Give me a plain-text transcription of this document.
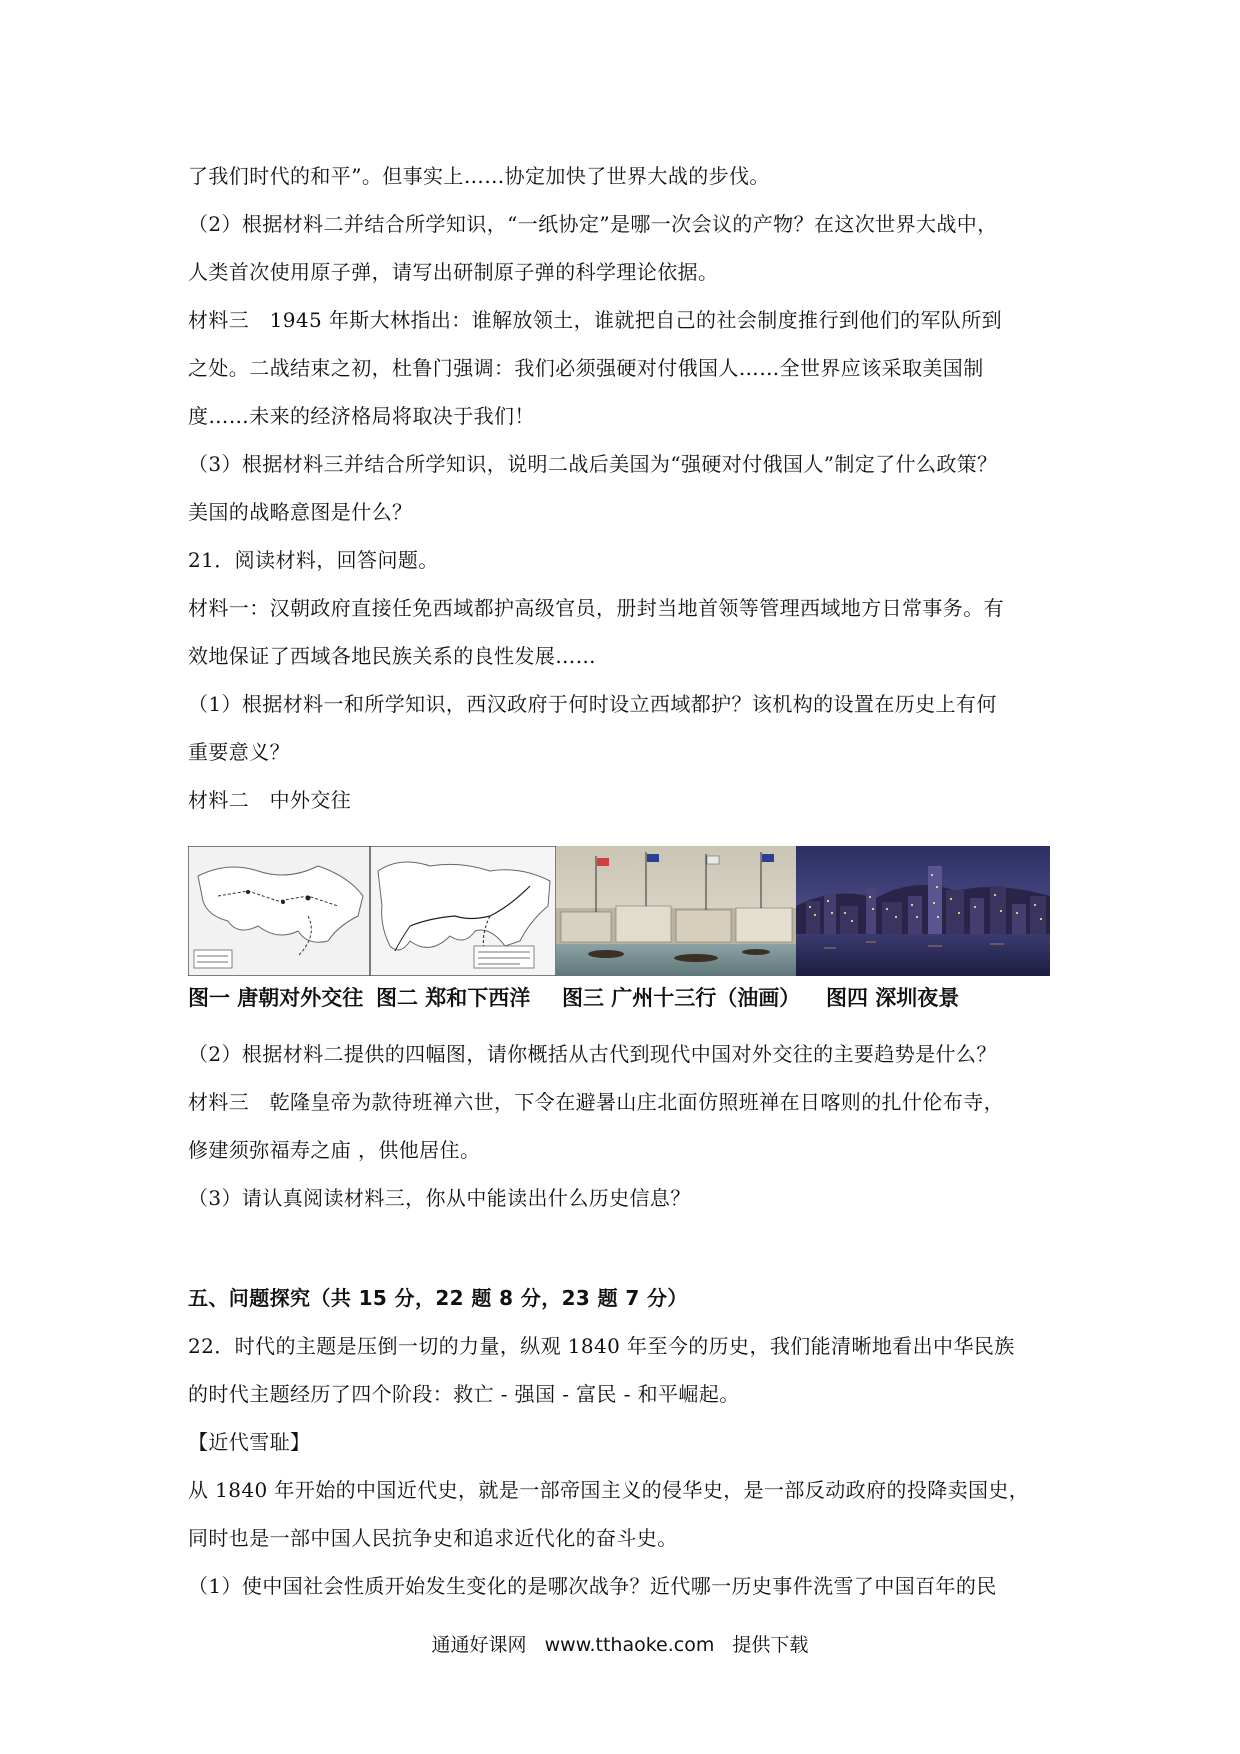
了我们时代的和平”。但事实上……协定加快了世界大战的步伐。
（2）根据材料二并结合所学知识，“一纸协定”是哪一次会议的产物？在这次世界大战中，
人类首次使用原子弹，请写出研制原子弹的科学理论依据。
材料三　1945 年斯大林指出：谁解放领土，谁就把自己的社会制度推行到他们的军队所到
之处。二战结束之初，杜鲁门强调：我们必须强硬对付俄国人……全世界应该采取美国制
度……未来的经济格局将取决于我们！
（3）根据材料三并结合所学知识，说明二战后美国为“强硬对付俄国人”制定了什么政策？
美国的战略意图是什么？
21．阅读材料，回答问题。
材料一：汉朝政府直接任免西域都护高级官员，册封当地首领等管理西域地方日常事务。有
效地保证了西域各地民族关系的良性发展……
（1）根据材料一和所学知识，西汉政府于何时设立西域都护？该机构的设置在历史上有何
重要意义？
材料二　中外交往
图一 唐朝对外交往 图二 郑和下西洋	图三 广州十三行（油画）	图四 深圳夜景
（2）根据材料二提供的四幅图，请你概括从古代到现代中国对外交往的主要趋势是什么？
材料三　乾隆皇帝为款待班禅六世，下令在避暑山庄北面仿照班禅在日喀则的扎什伦布寺，
修建须弥福寿之庙 ，供他居住。
（3）请认真阅读材料三，你从中能读出什么历史信息？
五、问题探究（共 15 分，22 题 8 分，23 题 7 分）
22．时代的主题是压倒一切的力量，纵观 1840 年至今的历史，我们能清晰地看出中华民族
的时代主题经历了四个阶段：救亡 - 强国 - 富民 - 和平崛起。
【近代雪耻】
从 1840 年开始的中国近代史，就是一部帝国主义的侵华史，是一部反动政府的投降卖国史，
同时也是一部中国人民抗争史和追求近代化的奋斗史。
（1）使中国社会性质开始发生变化的是哪次战争？近代哪一历史事件洗雪了中国百年的民
通通好课网 www.tthaoke.com 提供下载
